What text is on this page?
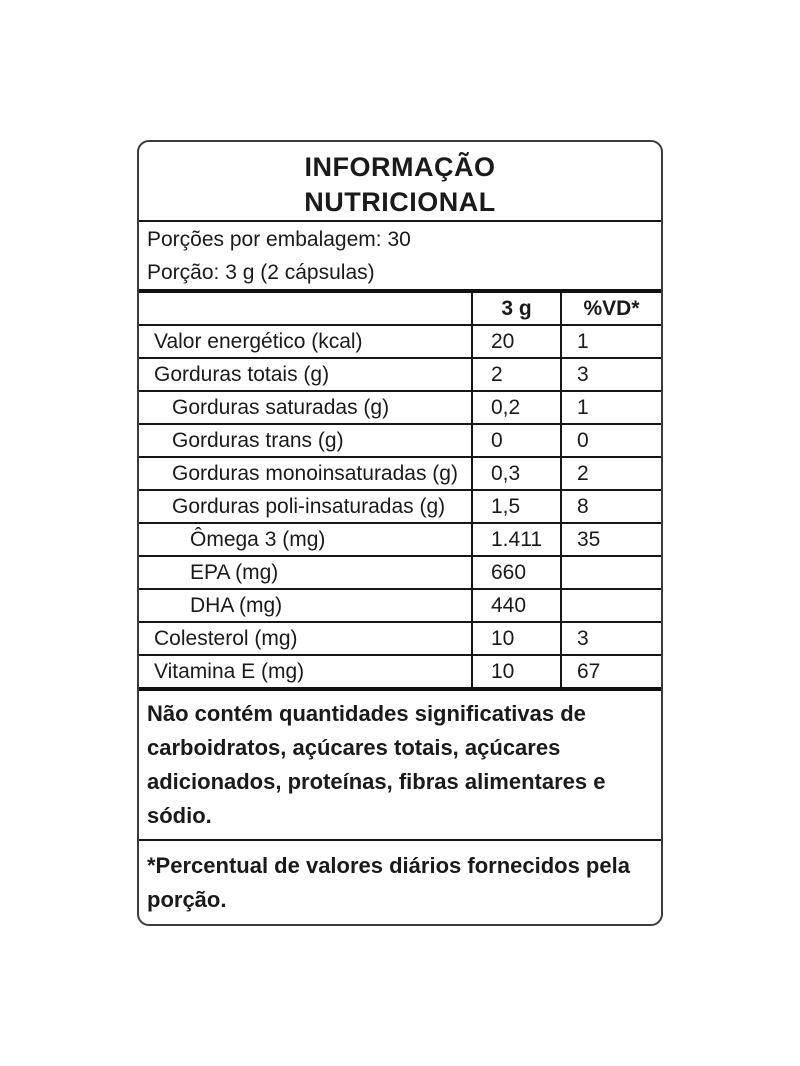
INFORMAÇÃO
NUTRICIONAL
Porções por embalagem: 30
Porção: 3 g (2 cápsulas)
	3 g	%VD*
Valor energético (kcal)	20	1
Gorduras totais (g)	2	3
Gorduras saturadas (g)	0,2	1
Gorduras trans (g)	0	0
Gorduras monoinsaturadas (g)	0,3	2
Gorduras poli-insaturadas (g)	1,5	8
Ômega 3 (mg)	1.411	35
EPA (mg)	660	
DHA (mg)	440	
Colesterol (mg)	10	3
Vitamina E (mg)	10	67
Não contém quantidades significativas de
carboidratos, açúcares totais, açúcares
adicionados, proteínas, fibras alimentares e
sódio.
*Percentual de valores diários fornecidos pela
porção.
